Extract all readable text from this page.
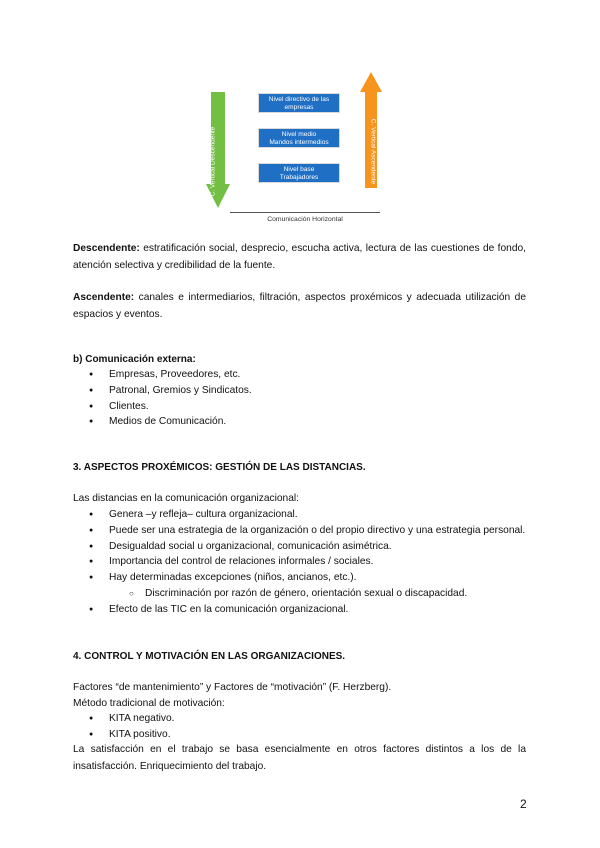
C. Vertical Descendente	C. Vertical Ascendente
Nivel directivo de las
empresas
Nivel medio
Mandos intermedios
Nivel base
Trabajadores
Comunicación Horizontal
Descendente: estratificación social, desprecio, escucha activa, lectura de las cuestiones de fondo, atención selectiva y credibilidad de la fuente.
Ascendente: canales e intermediarios, filtración, aspectos proxémicos y adecuada utilización de espacios y eventos.
b) Comunicación externa:
● Empresas, Proveedores, etc.
● Patronal, Gremios y Sindicatos.
● Clientes.
● Medios de Comunicación.
3. ASPECTOS PROXÉMICOS: GESTIÓN DE LAS DISTANCIAS.
Las distancias en la comunicación organizacional:
● Genera –y refleja– cultura organizacional.
● Puede ser una estrategia de la organización o del propio directivo y una estrategia personal.
● Desigualdad social u organizacional, comunicación asimétrica.
● Importancia del control de relaciones informales / sociales.
● Hay determinadas excepciones (niños, ancianos, etc.).
○ Discriminación por razón de género, orientación sexual o discapacidad.
● Efecto de las TIC en la comunicación organizacional.
4. CONTROL Y MOTIVACIÓN EN LAS ORGANIZACIONES.
Factores “de mantenimiento” y Factores de “motivación” (F. Herzberg).
Método tradicional de motivación:
● KITA negativo.
● KITA positivo.
La satisfacción en el trabajo se basa esencialmente en otros factores distintos a los de la insatisfacción. Enriquecimiento del trabajo.
2
